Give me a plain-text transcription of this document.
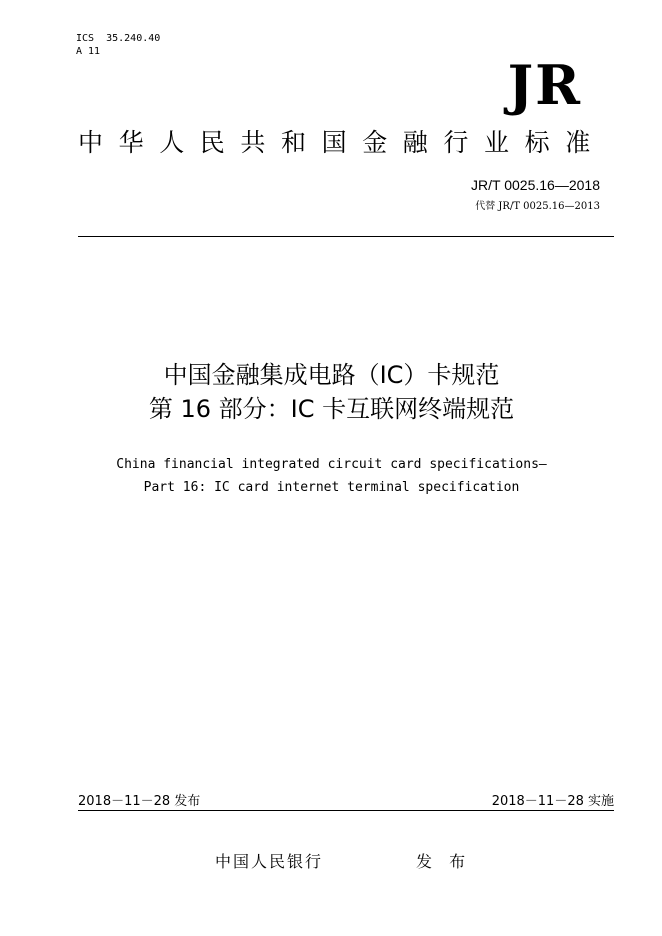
ICS  35.240.40
A 11
JR
中华人民共和国金融行业标准
JR/T 0025.16—2018
代替 JR/T 0025.16—2013
中国金融集成电路（IC）卡规范
第 16 部分：IC 卡互联网终端规范
China financial integrated circuit card specifications—
Part 16: IC card internet terminal specification
2018－11－28 发布	2018－11－28 实施
中国人民银行	发 布
